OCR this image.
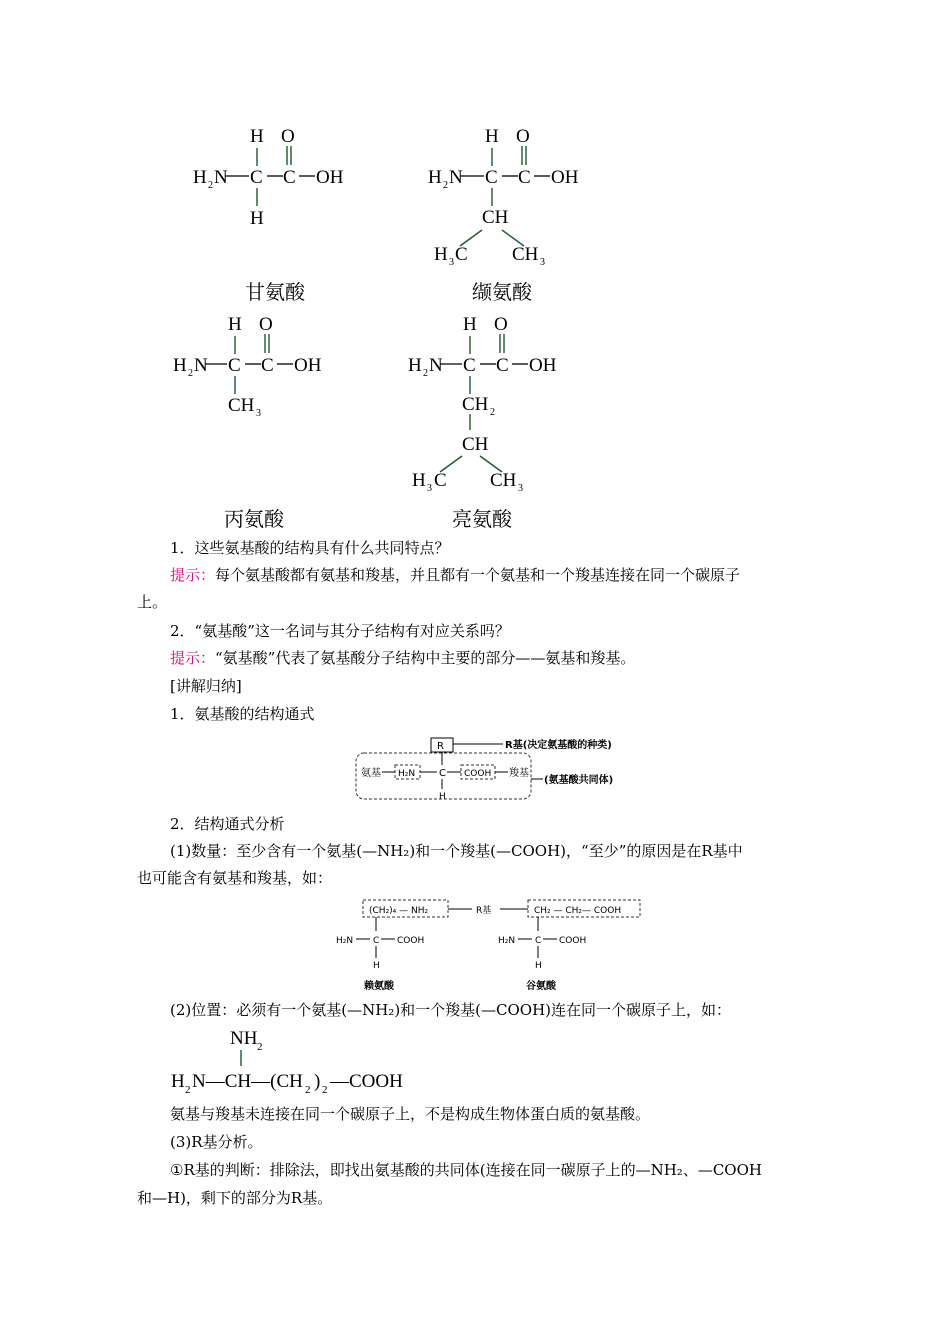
H O
H 2 N C C OH
H
甘氨酸
H O
H 2 N C C OH
CH
H 3 C CH 3
缬氨酸
H O
H 2 N C C OH
CH 3
丙氨酸
H O
H 2 N C C OH
CH 2
CH
H 3 C CH 3
亮氨酸
1．这些氨基酸的结构具有什么共同特点？
提示：每个氨基酸都有氨基和羧基，并且都有一个氨基和一个羧基连接在同一个碳原子
上。
2．“氨基酸”这一名词与其分子结构有对应关系吗？
提示：“氨基酸”代表了氨基酸分子结构中主要的部分——氨基和羧基。
[讲解归纳]
1．氨基酸的结构通式
R	R基(决定氨基酸的种类)
氨基 H₂N C COOH 羧基
H
(氨基酸共同体)
2．结构通式分析
(1)数量：至少含有一个氨基(—NH₂)和一个羧基(—COOH)，“至少”的原因是在R基中
也可能含有氨基和羧基，如：
(CH₂)₄ — NH₂	R基	CH₂ — CH₂— COOH
H₂N C COOH
H
赖氨酸
H₂N C COOH
H
谷氨酸
(2)位置：必须有一个氨基(—NH₂)和一个羧基(—COOH)连在同一个碳原子上，如：
NH 2
H 2 N—CH—(CH 2 ) 2 —COOH
氨基与羧基未连接在同一个碳原子上，不是构成生物体蛋白质的氨基酸。
(3)R基分析。
①R基的判断：排除法，即找出氨基酸的共同体(连接在同一碳原子上的—NH₂、—COOH
和—H)，剩下的部分为R基。
